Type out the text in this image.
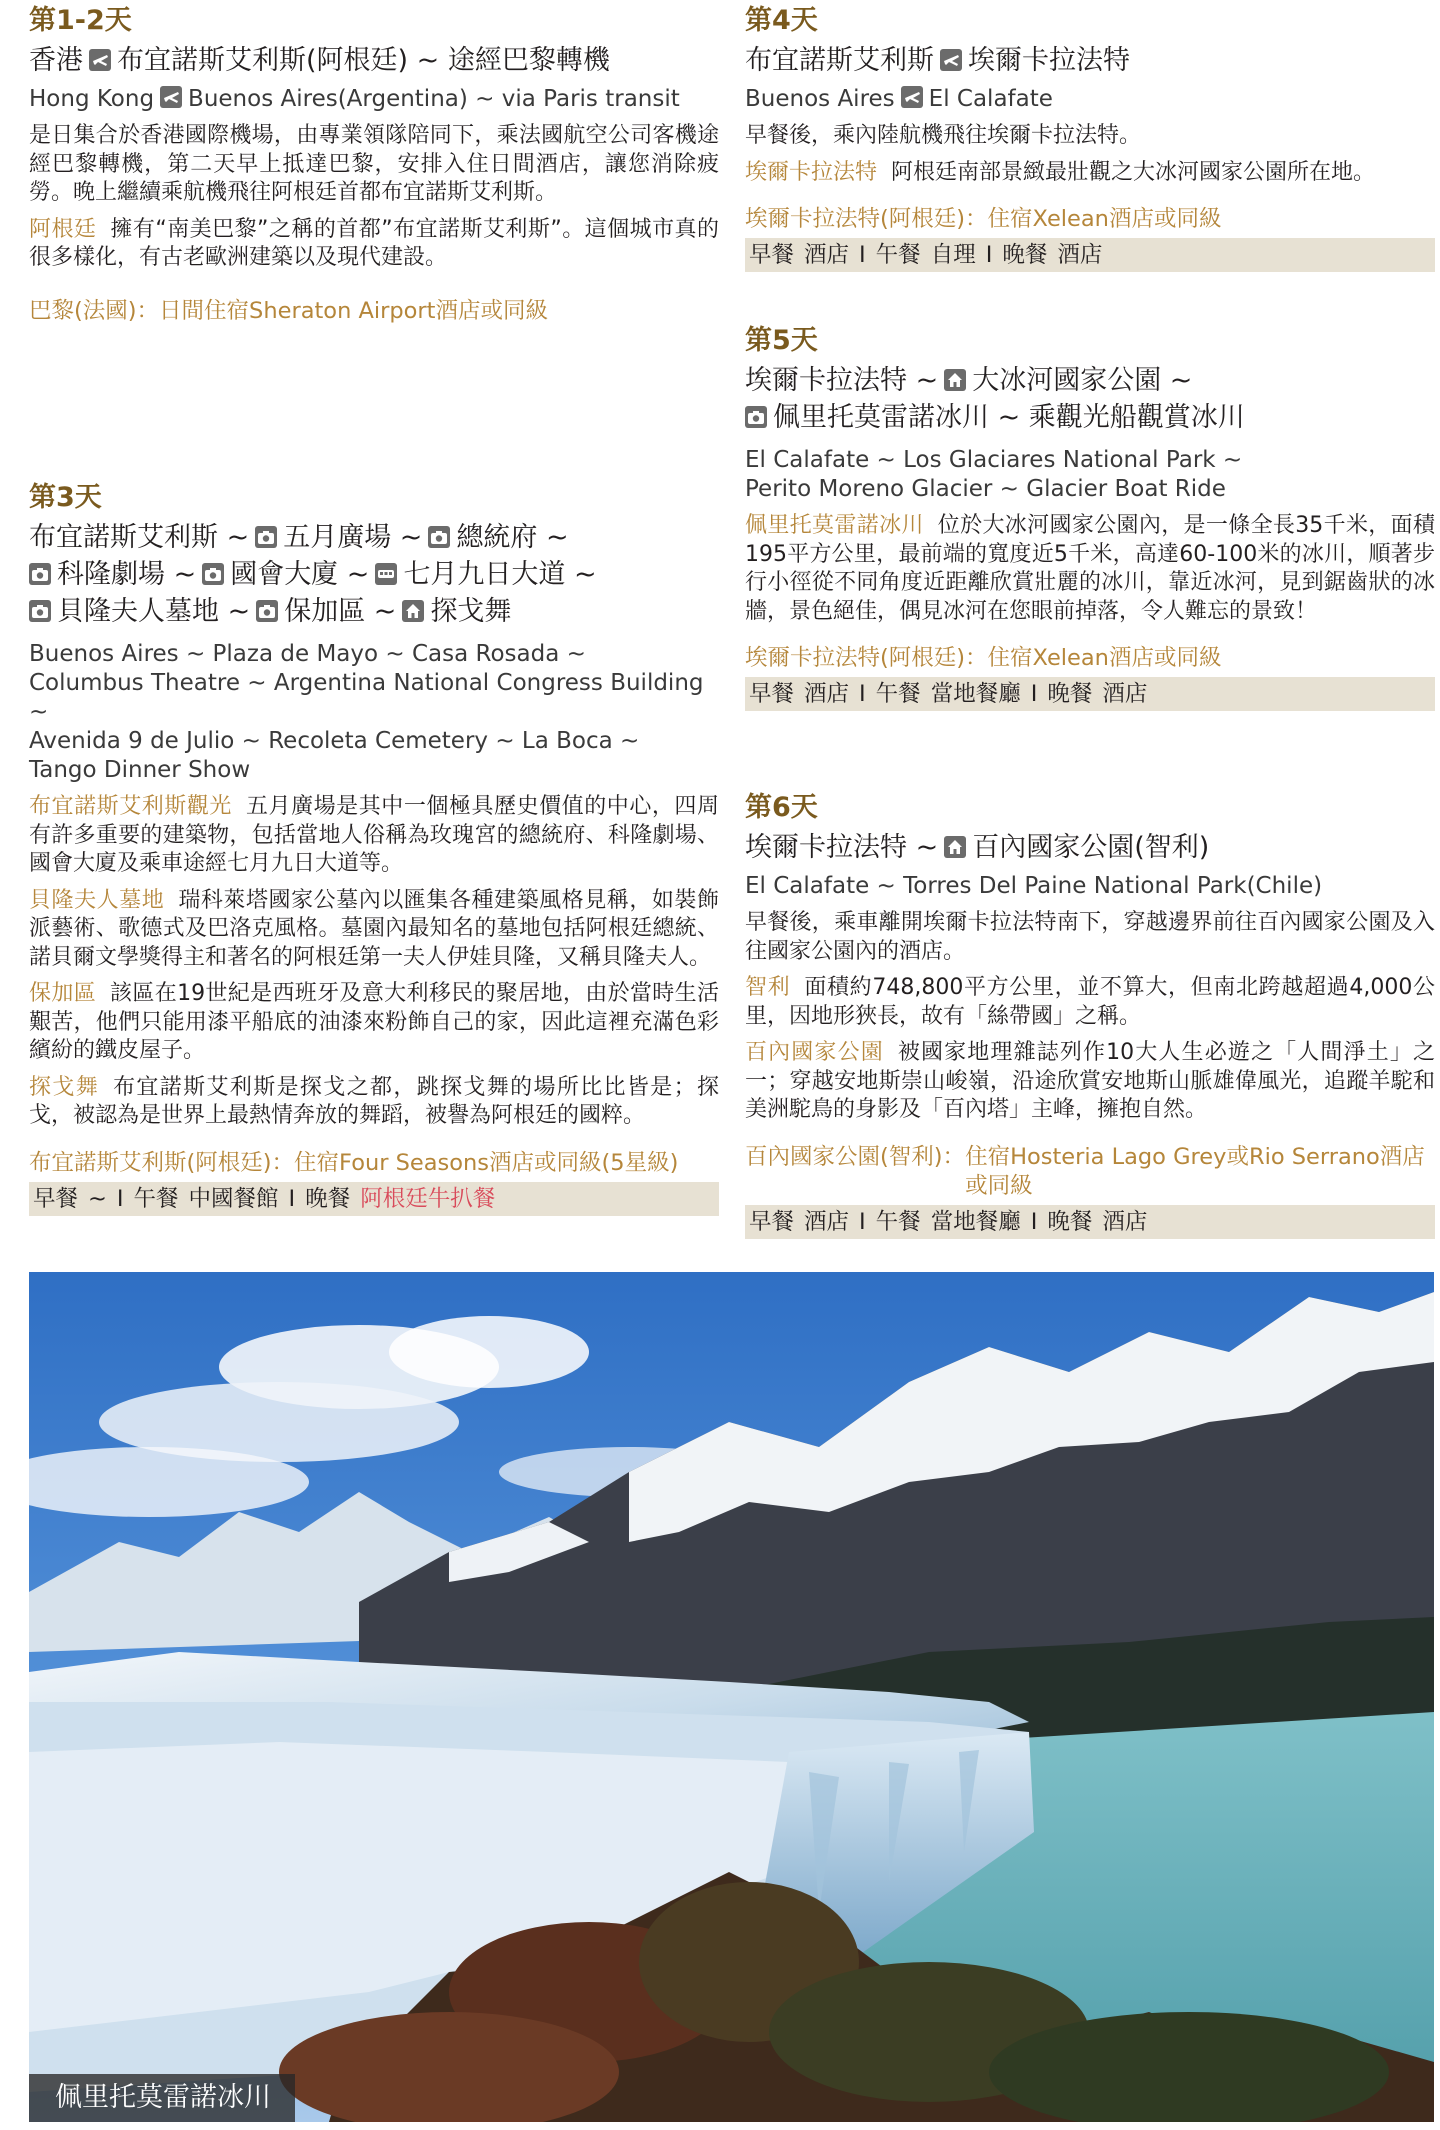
第1-2天
香港 布宜諾斯艾利斯(阿根廷) ~ 途經巴黎轉機
Hong Kong Buenos Aires(Argentina) ~ via Paris transit
是日集合於香港國際機場，由專業領隊陪同下，乘法國航空公司客機途經巴黎轉機，第二天早上抵達巴黎，安排入住日間酒店，讓您消除疲勞。晚上繼續乘航機飛往阿根廷首都布宜諾斯艾利斯。
阿根廷 擁有“南美巴黎”之稱的首都”布宜諾斯艾利斯”。這個城市真的很多樣化，有古老歐洲建築以及現代建設。
巴黎(法國)：日間住宿Sheraton Airport酒店或同級
第3天
布宜諾斯艾利斯 ~ 五月廣場 ~ 總統府 ~
科隆劇場 ~ 國會大廈 ~ 七月九日大道 ~
貝隆夫人墓地 ~ 保加區 ~ 探戈舞
Buenos Aires ~ Plaza de Mayo ~ Casa Rosada ~
Columbus Theatre ~ Argentina National Congress Building ~
Avenida 9 de Julio ~ Recoleta Cemetery ~ La Boca ~
Tango Dinner Show
布宜諾斯艾利斯觀光 五月廣場是其中一個極具歷史價值的中心，四周有許多重要的建築物，包括當地人俗稱為玫瑰宮的總統府、科隆劇場、國會大廈及乘車途經七月九日大道等。
貝隆夫人墓地 瑞科萊塔國家公墓內以匯集各種建築風格見稱，如裝飾派藝術、歌德式及巴洛克風格。墓園內最知名的墓地包括阿根廷總統、諾貝爾文學獎得主和著名的阿根廷第一夫人伊娃貝隆，又稱貝隆夫人。
保加區 該區在19世紀是西班牙及意大利移民的聚居地，由於當時生活艱苦，他們只能用漆平船底的油漆來粉飾自己的家，因此這裡充滿色彩繽紛的鐵皮屋子。
探戈舞 布宜諾斯艾利斯是探戈之都，跳探戈舞的場所比比皆是；探戈，被認為是世界上最熱情奔放的舞蹈，被譽為阿根廷的國粹。
布宜諾斯艾利斯(阿根廷)：住宿Four Seasons酒店或同級(5星級)
早餐 ~ I 午餐 中國餐館 I 晚餐 阿根廷牛扒餐
第4天
布宜諾斯艾利斯 埃爾卡拉法特
Buenos Aires El Calafate
早餐後，乘內陸航機飛往埃爾卡拉法特。
埃爾卡拉法特 阿根廷南部景緻最壯觀之大冰河國家公園所在地。
埃爾卡拉法特(阿根廷)：住宿Xelean酒店或同級
早餐 酒店 I 午餐 自理 I 晚餐 酒店
第5天
埃爾卡拉法特 ~ 大冰河國家公園 ~
佩里托莫雷諾冰川 ~ 乘觀光船觀賞冰川
El Calafate ~ Los Glaciares National Park ~
Perito Moreno Glacier ~ Glacier Boat Ride
佩里托莫雷諾冰川 位於大冰河國家公園內，是一條全長35千米，面積195平方公里，最前端的寬度近5千米，高達60-100米的冰川，順著步行小徑從不同角度近距離欣賞壯麗的冰川，靠近冰河，見到鋸齒狀的冰牆，景色絕佳，偶見冰河在您眼前掉落，令人難忘的景致！
埃爾卡拉法特(阿根廷)：住宿Xelean酒店或同級
早餐 酒店 I 午餐 當地餐廳 I 晚餐 酒店
第6天
埃爾卡拉法特 ~ 百內國家公園(智利)
El Calafate ~ Torres Del Paine National Park(Chile)
早餐後，乘車離開埃爾卡拉法特南下，穿越邊界前往百內國家公園及入往國家公園內的酒店。
智利 面積約748,800平方公里，並不算大，但南北跨越超過4,000公里，因地形狹長，故有「絲帶國」之稱。
百內國家公園 被國家地理雜誌列作10大人生必遊之「人間淨土」之一；穿越安地斯崇山峻嶺，沿途欣賞安地斯山脈雄偉風光，追蹤羊駝和美洲駝鳥的身影及「百內塔」主峰，擁抱自然。
百內國家公園(智利)： 住宿Hosteria Lago Grey或Rio Serrano酒店
或同級
早餐 酒店 I 午餐 當地餐廳 I 晚餐 酒店
佩里托莫雷諾冰川
